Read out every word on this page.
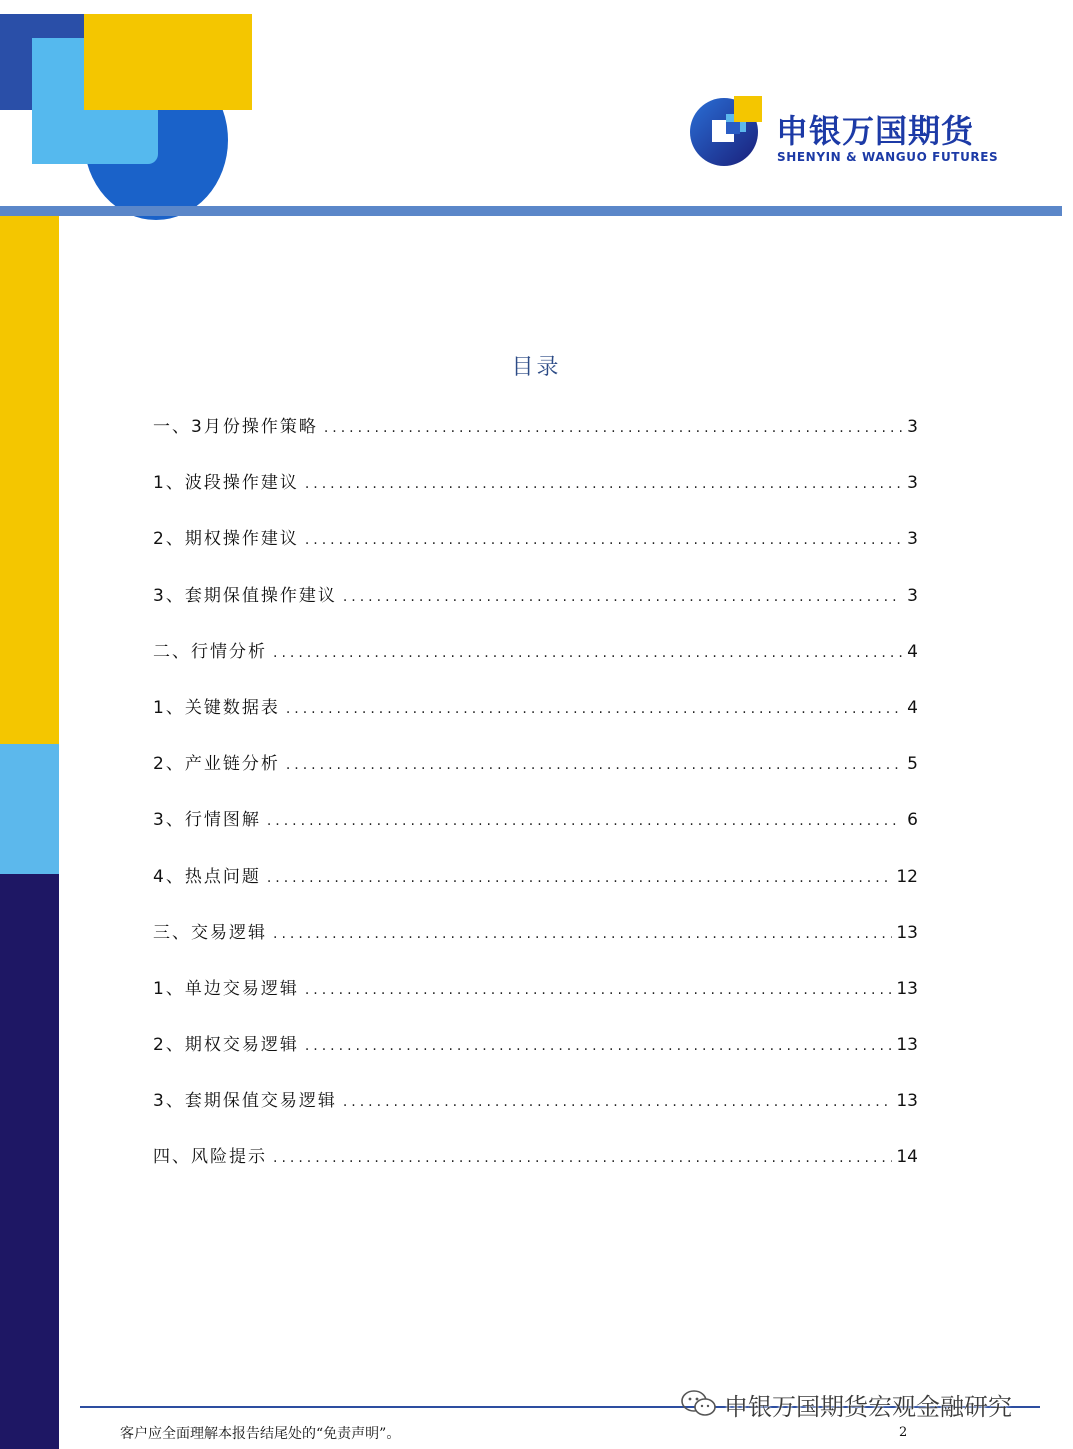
申银万国期货
SHENYIN & WANGUO FUTURES
目录
一、3月份操作策略 .....	3
1、波段操作建议 .....	3
2、期权操作建议 .....	3
3、套期保值操作建议 .....	3
二、行情分析 .....	4
1、关键数据表 .....	4
2、产业链分析 .....	5
3、行情图解 .....	6
4、热点问题 .....	12
三、交易逻辑 .....	13
1、单边交易逻辑 .....	13
2、期权交易逻辑 .....	13
3、套期保值交易逻辑 .....	13
四、风险提示 .....	14
客户应全面理解本报告结尾处的“免责声明”。	2
申银万国期货宏观金融研究
